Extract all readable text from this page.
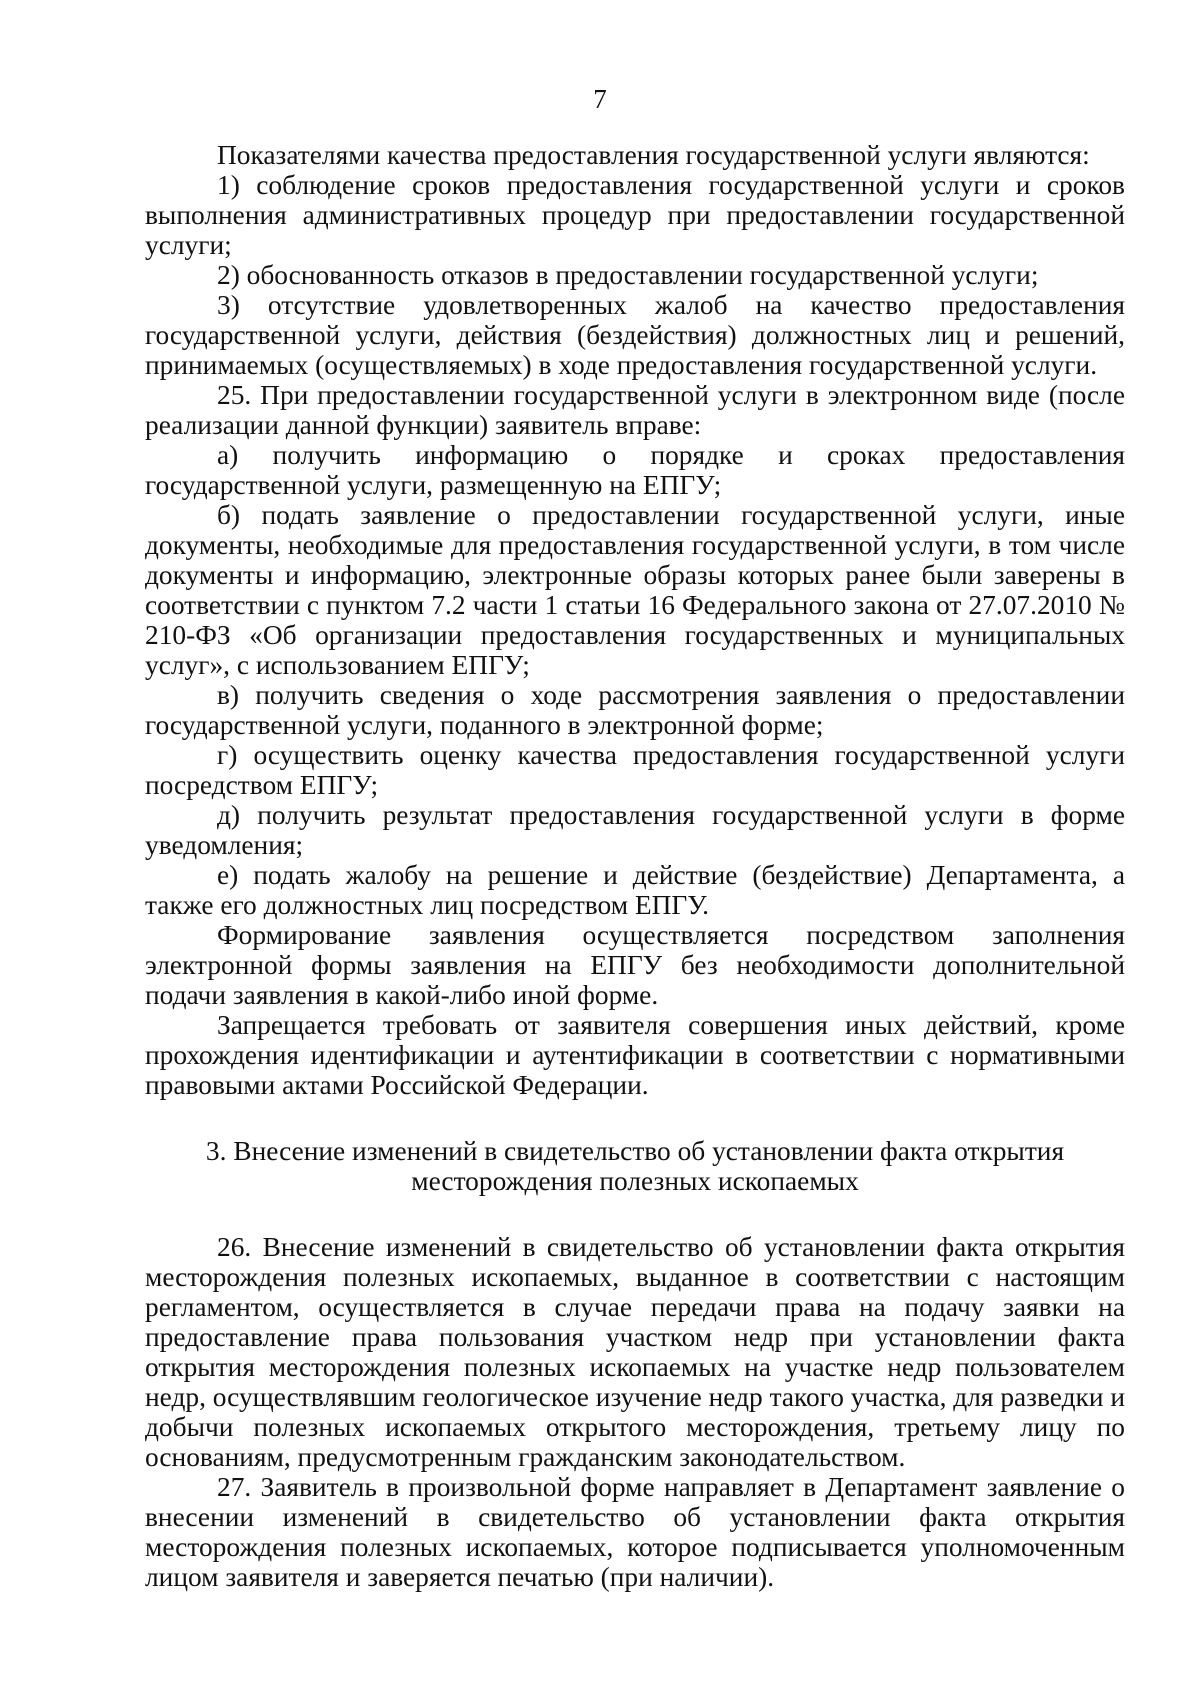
7

Показателями качества предоставления государственной услуги являются:

1) соблюдение сроков предоставления государственной услуги и сроков выполнения административных процедур при предоставлении государственной услуги;

2) обоснованность отказов в предоставлении государственной услуги;

3) отсутствие удовлетворенных жалоб на качество предоставления государственной услуги, действия (бездействия) должностных лиц и решений, принимаемых (осуществляемых) в ходе предоставления государственной услуги.

25. При предоставлении государственной услуги в электронном виде (после реализации данной функции) заявитель вправе:

а) получить информацию о порядке и сроках предоставления государственной услуги, размещенную на ЕПГУ;

б) подать заявление о предоставлении государственной услуги, иные документы, необходимые для предоставления государственной услуги, в том числе документы и информацию, электронные образы которых ранее были заверены в соответствии с пунктом 7.2 части 1 статьи 16 Федерального закона от 27.07.2010 № 210-ФЗ «Об организации предоставления государственных и муниципальных услуг», с использованием ЕПГУ;

в) получить сведения о ходе рассмотрения заявления о предоставлении государственной услуги, поданного в электронной форме;

г) осуществить оценку качества предоставления государственной услуги посредством ЕПГУ;

д) получить результат предоставления государственной услуги в форме уведомления;

е) подать жалобу на решение и действие (бездействие) Департамента, а также его должностных лиц посредством ЕПГУ.

Формирование заявления осуществляется посредством заполнения электронной формы заявления на ЕПГУ без необходимости дополнительной подачи заявления в какой-либо иной форме.

Запрещается требовать от заявителя совершения иных действий, кроме прохождения идентификации и аутентификации в соответствии с нормативными правовыми актами Российской Федерации.

3. Внесение изменений в свидетельство об установлении факта открытия
месторождения полезных ископаемых

26. Внесение изменений в свидетельство об установлении факта открытия месторождения полезных ископаемых, выданное в соответствии с настоящим регламентом, осуществляется в случае передачи права на подачу заявки на предоставление права пользования участком недр при установлении факта открытия месторождения полезных ископаемых на участке недр пользователем недр, осуществлявшим геологическое изучение недр такого участка, для разведки и добычи полезных ископаемых открытого месторождения, третьему лицу по основаниям, предусмотренным гражданским законодательством.

27. Заявитель в произвольной форме направляет в Департамент заявление о внесении изменений в свидетельство об установлении факта открытия месторождения полезных ископаемых, которое подписывается уполномоченным лицом заявителя и заверяется печатью (при наличии).
